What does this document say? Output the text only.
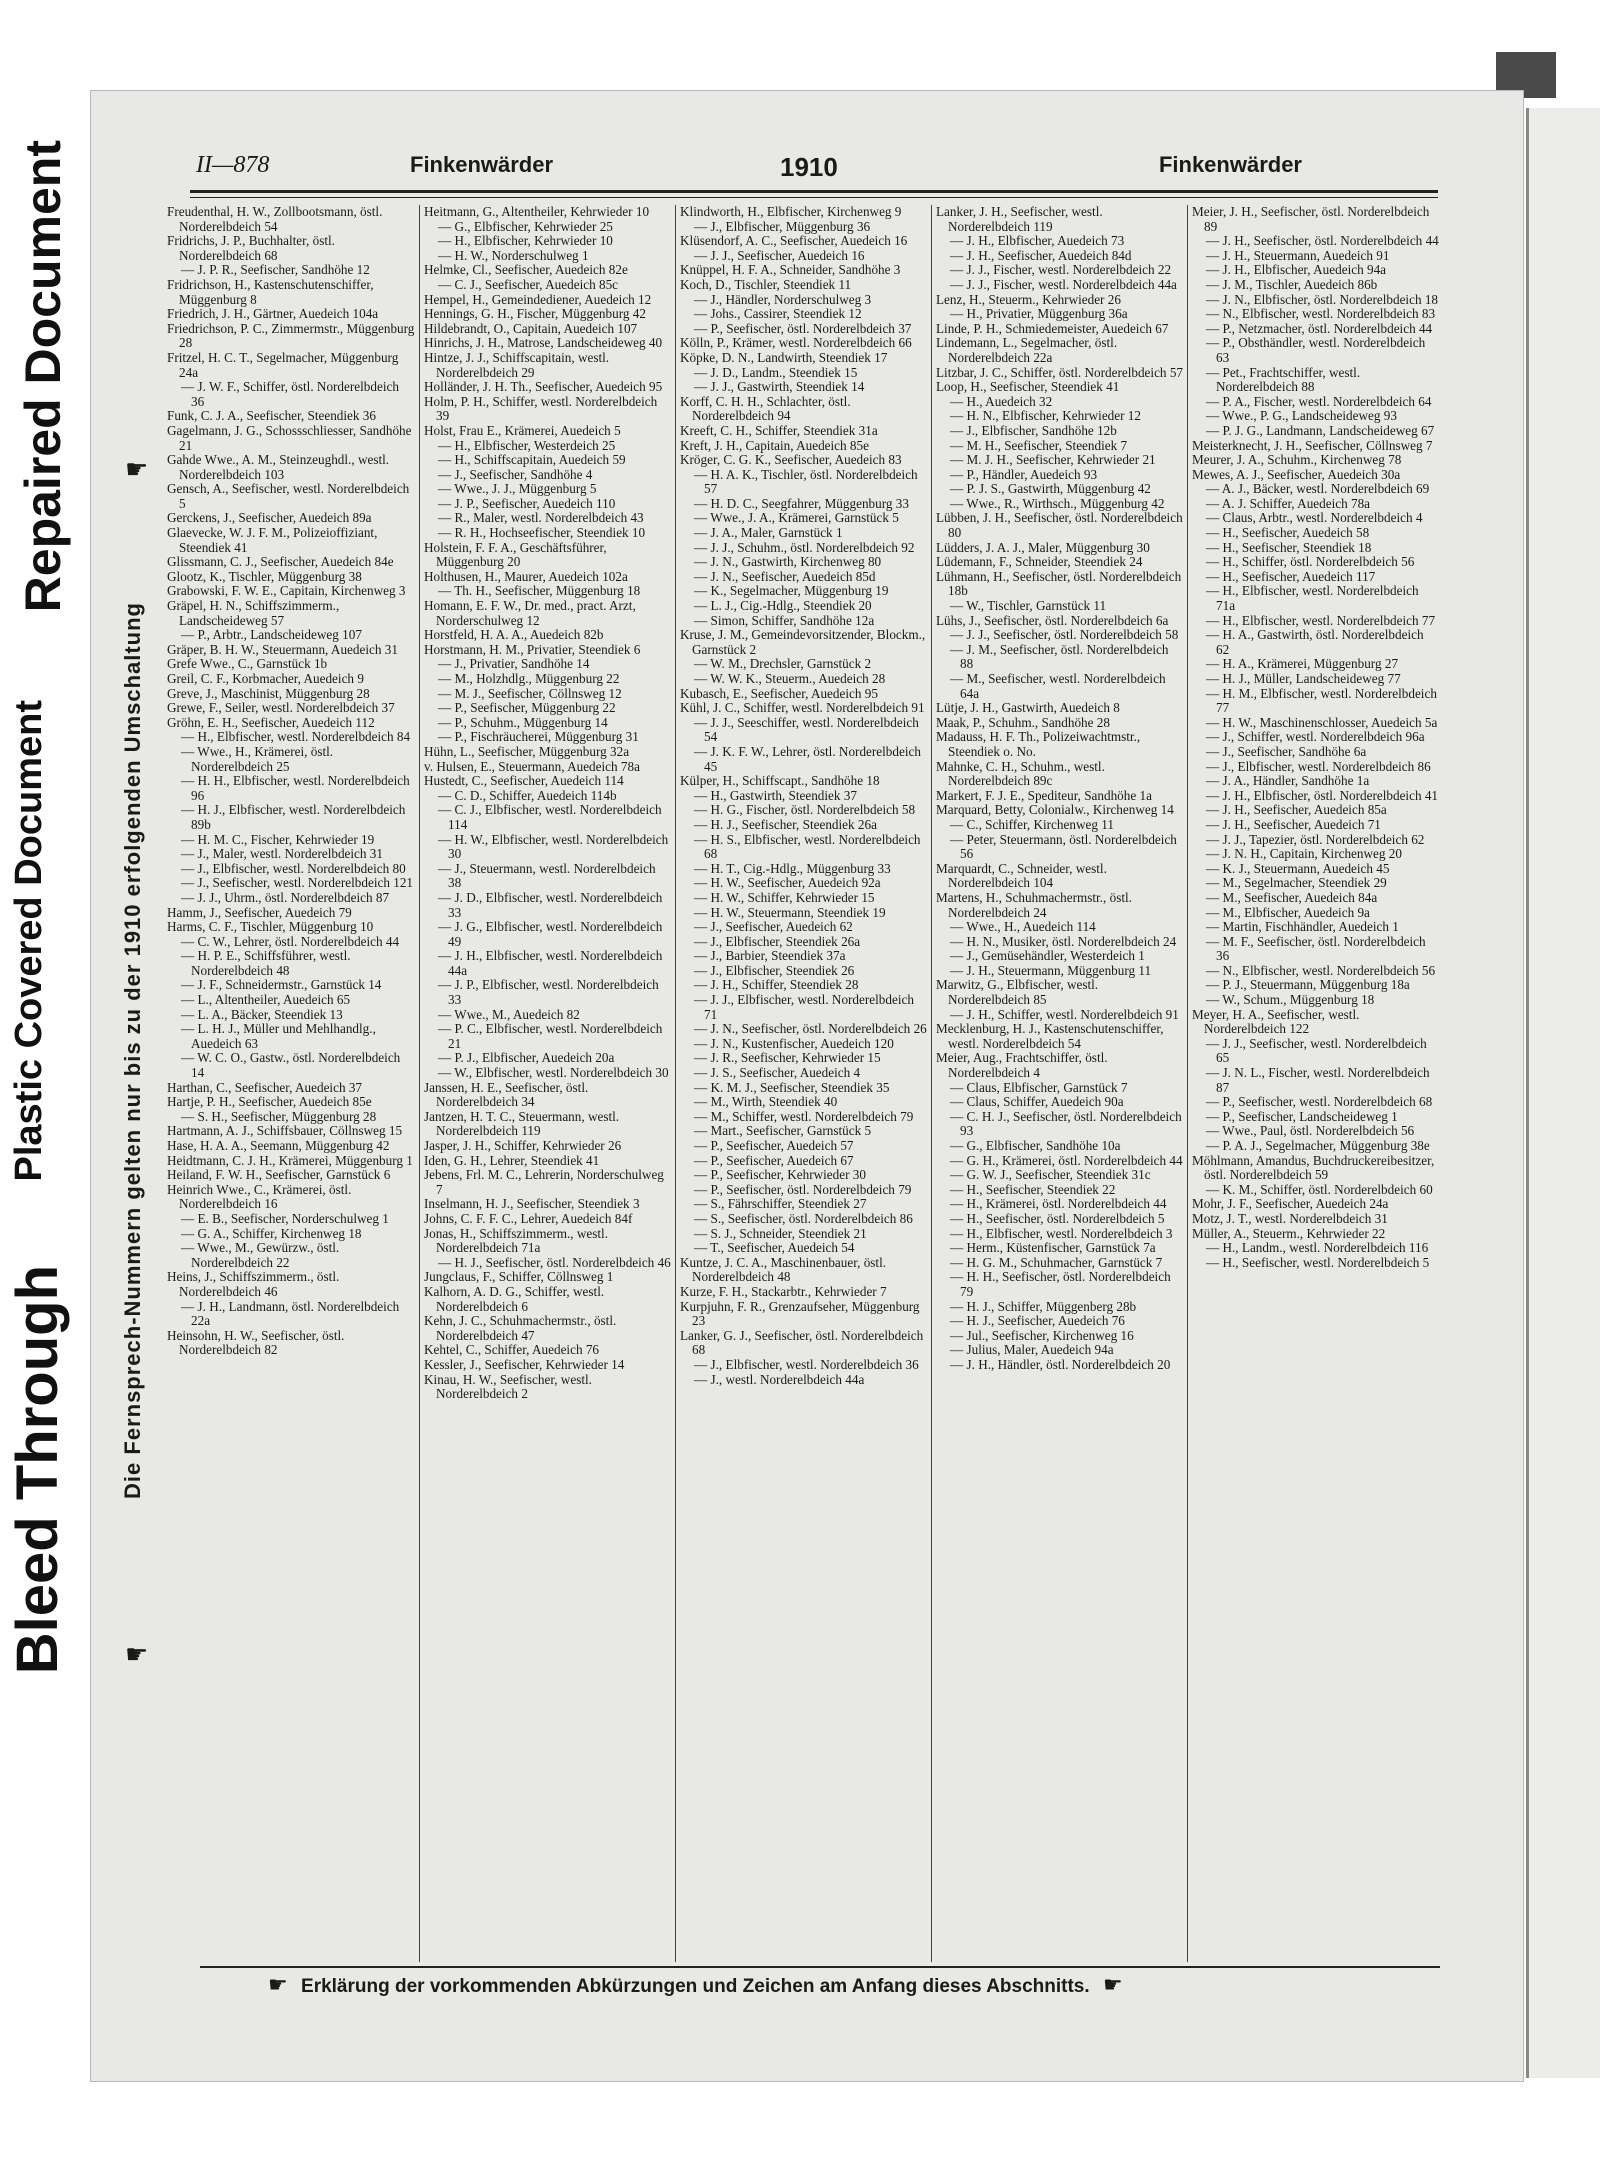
Repaired Document
Plastic Covered Document
Bleed Through
II—878	Finkenwärder	1910	Finkenwärder
☛
Die Fernsprech-Nummern gelten nur bis zu der 1910 erfolgenden Umschaltung
☛

Freudenthal, H. W., Zollbootsmann, östl. Norderelbdeich 54

Fridrichs, J. P., Buchhalter, östl. Norderelbdeich 68

— J. P. R., Seefischer, Sandhöhe 12

Fridrichson, H., Kastenschutenschiffer, Müggenburg 8

Friedrich, J. H., Gärtner, Auedeich 104a

Friedrichson, P. C., Zimmermstr., Müggenburg 28

Fritzel, H. C. T., Segelmacher, Müggenburg 24a

— J. W. F., Schiffer, östl. Norderelbdeich 36

Funk, C. J. A., Seefischer, Steendiek 36

Gagelmann, J. G., Schossschliesser, Sandhöhe 21

Gahde Wwe., A. M., Steinzeughdl., westl. Norderelbdeich 103

Gensch, A., Seefischer, westl. Norderelbdeich 5

Gerckens, J., Seefischer, Auedeich 89a

Glaevecke, W. J. F. M., Polizeioffiziant, Steendiek 41

Glissmann, C. J., Seefischer, Auedeich 84e

Glootz, K., Tischler, Müggenburg 38

Grabowski, F. W. E., Capitain, Kirchenweg 3

Gräpel, H. N., Schiffszimmerm., Landscheideweg 57

— P., Arbtr., Landscheideweg 107

Gräper, B. H. W., Steuermann, Auedeich 31

Grefe Wwe., C., Garnstück 1b

Greil, C. F., Korbmacher, Auedeich 9

Greve, J., Maschinist, Müggenburg 28

Grewe, F., Seiler, westl. Norderelbdeich 37

Gröhn, E. H., Seefischer, Auedeich 112

— H., Elbfischer, westl. Norderelbdeich 84

— Wwe., H., Krämerei, östl. Norderelbdeich 25

— H. H., Elbfischer, westl. Norderelbdeich 96

— H. J., Elbfischer, westl. Norderelbdeich 89b

— H. M. C., Fischer, Kehrwieder 19

— J., Maler, westl. Norderelbdeich 31

— J., Elbfischer, westl. Norderelbdeich 80

— J., Seefischer, westl. Norderelbdeich 121

— J. J., Uhrm., östl. Norderelbdeich 87

Hamm, J., Seefischer, Auedeich 79

Harms, C. F., Tischler, Müggenburg 10

— C. W., Lehrer, östl. Norderelbdeich 44

— H. P. E., Schiffsführer, westl. Norderelbdeich 48

— J. F., Schneidermstr., Garnstück 14

— L., Altentheiler, Auedeich 65

— L. A., Bäcker, Steendiek 13

— L. H. J., Müller und Mehlhandlg., Auedeich 63

— W. C. O., Gastw., östl. Norderelbdeich 14

Harthan, C., Seefischer, Auedeich 37

Hartje, P. H., Seefischer, Auedeich 85e

— S. H., Seefischer, Müggenburg 28

Hartmann, A. J., Schiffsbauer, Cöllnsweg 15

Hase, H. A. A., Seemann, Müggenburg 42

Heidtmann, C. J. H., Krämerei, Müggenburg 1

Heiland, F. W. H., Seefischer, Garnstück 6

Heinrich Wwe., C., Krämerei, östl. Norderelbdeich 16

— E. B., Seefischer, Norderschulweg 1

— G. A., Schiffer, Kirchenweg 18

— Wwe., M., Gewürzw., östl. Norderelbdeich 22

Heins, J., Schiffszimmerm., östl. Norderelbdeich 46

— J. H., Landmann, östl. Norderelbdeich 22a

Heinsohn, H. W., Seefischer, östl. Norderelbdeich 82

Heitmann, G., Altentheiler, Kehrwieder 10

— G., Elbfischer, Kehrwieder 25

— H., Elbfischer, Kehrwieder 10

— H. W., Norderschulweg 1

Helmke, Cl., Seefischer, Auedeich 82e

— C. J., Seefischer, Auedeich 85c

Hempel, H., Gemeindediener, Auedeich 12

Hennings, G. H., Fischer, Müggenburg 42

Hildebrandt, O., Capitain, Auedeich 107

Hinrichs, J. H., Matrose, Landscheideweg 40

Hintze, J. J., Schiffscapitain, westl. Norderelbdeich 29

Holländer, J. H. Th., Seefischer, Auedeich 95

Holm, P. H., Schiffer, westl. Norderelbdeich 39

Holst, Frau E., Krämerei, Auedeich 5

— H., Elbfischer, Westerdeich 25

— H., Schiffscapitain, Auedeich 59

— J., Seefischer, Sandhöhe 4

— Wwe., J. J., Müggenburg 5

— J. P., Seefischer, Auedeich 110

— R., Maler, westl. Norderelbdeich 43

— R. H., Hochseefischer, Steendiek 10

Holstein, F. F. A., Geschäftsführer, Müggenburg 20

Holthusen, H., Maurer, Auedeich 102a

— Th. H., Seefischer, Müggenburg 18

Homann, E. F. W., Dr. med., pract. Arzt, Norderschulweg 12

Horstfeld, H. A. A., Auedeich 82b

Horstmann, H. M., Privatier, Steendiek 6

— J., Privatier, Sandhöhe 14

— M., Holzhdlg., Müggenburg 22

— M. J., Seefischer, Cöllnsweg 12

— P., Seefischer, Müggenburg 22

— P., Schuhm., Müggenburg 14

— P., Fischräucherei, Müggenburg 31

Hühn, L., Seefischer, Müggenburg 32a

v. Hulsen, E., Steuermann, Auedeich 78a

Hustedt, C., Seefischer, Auedeich 114

— C. D., Schiffer, Auedeich 114b

— C. J., Elbfischer, westl. Norderelbdeich 114

— H. W., Elbfischer, westl. Norderelbdeich 30

— J., Steuermann, westl. Norderelbdeich 38

— J. D., Elbfischer, westl. Norderelbdeich 33

— J. G., Elbfischer, westl. Norderelbdeich 49

— J. H., Elbfischer, westl. Norderelbdeich 44a

— J. P., Elbfischer, westl. Norderelbdeich 33

— Wwe., M., Auedeich 82

— P. C., Elbfischer, westl. Norderelbdeich 21

— P. J., Elbfischer, Auedeich 20a

— W., Elbfischer, westl. Norderelbdeich 30

Janssen, H. E., Seefischer, östl. Norderelbdeich 34

Jantzen, H. T. C., Steuermann, westl. Norderelbdeich 119

Jasper, J. H., Schiffer, Kehrwieder 26

Iden, G. H., Lehrer, Steendiek 41

Jebens, Frl. M. C., Lehrerin, Norderschulweg 7

Inselmann, H. J., Seefischer, Steendiek 3

Johns, C. F. F. C., Lehrer, Auedeich 84f

Jonas, H., Schiffszimmerm., westl. Norderelbdeich 71a

— H. J., Seefischer, östl. Norderelbdeich 46

Jungclaus, F., Schiffer, Cöllnsweg 1

Kalhorn, A. D. G., Schiffer, westl. Norderelbdeich 6

Kehn, J. C., Schuhmachermstr., östl. Norderelbdeich 47

Kehtel, C., Schiffer, Auedeich 76

Kessler, J., Seefischer, Kehrwieder 14

Kinau, H. W., Seefischer, westl. Norderelbdeich 2

Klindworth, H., Elbfischer, Kirchenweg 9

— J., Elbfischer, Müggenburg 36

Klüsendorf, A. C., Seefischer, Auedeich 16

— J. J., Seefischer, Auedeich 16

Knüppel, H. F. A., Schneider, Sandhöhe 3

Koch, D., Tischler, Steendiek 11

— J., Händler, Norderschulweg 3

— Johs., Cassirer, Steendiek 12

— P., Seefischer, östl. Norderelbdeich 37

Kölln, P., Krämer, westl. Norderelbdeich 66

Köpke, D. N., Landwirth, Steendiek 17

— J. D., Landm., Steendiek 15

— J. J., Gastwirth, Steendiek 14

Korff, C. H. H., Schlachter, östl. Norderelbdeich 94

Kreeft, C. H., Schiffer, Steendiek 31a

Kreft, J. H., Capitain, Auedeich 85e

Kröger, C. G. K., Seefischer, Auedeich 83

— H. A. K., Tischler, östl. Norderelbdeich 57

— H. D. C., Seegfahrer, Müggenburg 33

— Wwe., J. A., Krämerei, Garnstück 5

— J. A., Maler, Garnstück 1

— J. J., Schuhm., östl. Norderelbdeich 92

— J. N., Gastwirth, Kirchenweg 80

— J. N., Seefischer, Auedeich 85d

— K., Segelmacher, Müggenburg 19

— L. J., Cig.-Hdlg., Steendiek 20

— Simon, Schiffer, Sandhöhe 12a

Kruse, J. M., Gemeindevorsitzender, Blockm., Garnstück 2

— W. M., Drechsler, Garnstück 2

— W. W. K., Steuerm., Auedeich 28

Kubasch, E., Seefischer, Auedeich 95

Kühl, J. C., Schiffer, westl. Norderelbdeich 91

— J. J., Seeschiffer, westl. Norderelbdeich 54

— J. K. F. W., Lehrer, östl. Norderelbdeich 45

Külper, H., Schiffscapt., Sandhöhe 18

— H., Gastwirth, Steendiek 37

— H. G., Fischer, östl. Norderelbdeich 58

— H. J., Seefischer, Steendiek 26a

— H. S., Elbfischer, westl. Norderelbdeich 68

— H. T., Cig.-Hdlg., Müggenburg 33

— H. W., Seefischer, Auedeich 92a

— H. W., Schiffer, Kehrwieder 15

— H. W., Steuermann, Steendiek 19

— J., Seefischer, Auedeich 62

— J., Elbfischer, Steendiek 26a

— J., Barbier, Steendiek 37a

— J., Elbfischer, Steendiek 26

— J. H., Schiffer, Steendiek 28

— J. J., Elbfischer, westl. Norderelbdeich 71

— J. N., Seefischer, östl. Norderelbdeich 26

— J. N., Kustenfischer, Auedeich 120

— J. R., Seefischer, Kehrwieder 15

— J. S., Seefischer, Auedeich 4

— K. M. J., Seefischer, Steendiek 35

— M., Wirth, Steendiek 40

— M., Schiffer, westl. Norderelbdeich 79

— Mart., Seefischer, Garnstück 5

— P., Seefischer, Auedeich 57

— P., Seefischer, Auedeich 67

— P., Seefischer, Kehrwieder 30

— P., Seefischer, östl. Norderelbdeich 79

— S., Fährschiffer, Steendiek 27

— S., Seefischer, östl. Norderelbdeich 86

— S. J., Schneider, Steendiek 21

— T., Seefischer, Auedeich 54

Kuntze, J. C. A., Maschinenbauer, östl. Norderelbdeich 48

Kurze, F. H., Stackarbtr., Kehrwieder 7

Kurpjuhn, F. R., Grenzaufseher, Müggenburg 23

Lanker, G. J., Seefischer, östl. Norderelbdeich 68

— J., Elbfischer, westl. Norderelbdeich 36

— J., westl. Norderelbdeich 44a

Lanker, J. H., Seefischer, westl. Norderelbdeich 119

— J. H., Elbfischer, Auedeich 73

— J. H., Seefischer, Auedeich 84d

— J. J., Fischer, westl. Norderelbdeich 22

— J. J., Fischer, westl. Norderelbdeich 44a

Lenz, H., Steuerm., Kehrwieder 26

— H., Privatier, Müggenburg 36a

Linde, P. H., Schmiedemeister, Auedeich 67

Lindemann, L., Segelmacher, östl. Norderelbdeich 22a

Litzbar, J. C., Schiffer, östl. Norderelbdeich 57

Loop, H., Seefischer, Steendiek 41

— H., Auedeich 32

— H. N., Elbfischer, Kehrwieder 12

— J., Elbfischer, Sandhöhe 12b

— M. H., Seefischer, Steendiek 7

— M. J. H., Seefischer, Kehrwieder 21

— P., Händler, Auedeich 93

— P. J. S., Gastwirth, Müggenburg 42

— Wwe., R., Wirthsch., Müggenburg 42

Lübben, J. H., Seefischer, östl. Norderelbdeich 80

Lüdders, J. A. J., Maler, Müggenburg 30

Lüdemann, F., Schneider, Steendiek 24

Lühmann, H., Seefischer, östl. Norderelbdeich 18b

— W., Tischler, Garnstück 11

Lühs, J., Seefischer, östl. Norderelbdeich 6a

— J. J., Seefischer, östl. Norderelbdeich 58

— J. M., Seefischer, östl. Norderelbdeich 88

— M., Seefischer, westl. Norderelbdeich 64a

Lütje, J. H., Gastwirth, Auedeich 8

Maak, P., Schuhm., Sandhöhe 28

Madauss, H. F. Th., Polizeiwachtmstr., Steendiek o. No.

Mahnke, C. H., Schuhm., westl. Norderelbdeich 89c

Markert, F. J. E., Spediteur, Sandhöhe 1a

Marquard, Betty, Colonialw., Kirchenweg 14

— C., Schiffer, Kirchenweg 11

— Peter, Steuermann, östl. Norderelbdeich 56

Marquardt, C., Schneider, westl. Norderelbdeich 104

Martens, H., Schuhmachermstr., östl. Norderelbdeich 24

— Wwe., H., Auedeich 114

— H. N., Musiker, östl. Norderelbdeich 24

— J., Gemüsehändler, Westerdeich 1

— J. H., Steuermann, Müggenburg 11

Marwitz, G., Elbfischer, westl. Norderelbdeich 85

— J. H., Schiffer, westl. Norderelbdeich 91

Mecklenburg, H. J., Kastenschutenschiffer, westl. Norderelbdeich 54

Meier, Aug., Frachtschiffer, östl. Norderelbdeich 4

— Claus, Elbfischer, Garnstück 7

— Claus, Schiffer, Auedeich 90a

— C. H. J., Seefischer, östl. Norderelbdeich 93

— G., Elbfischer, Sandhöhe 10a

— G. H., Krämerei, östl. Norderelbdeich 44

— G. W. J., Seefischer, Steendiek 31c

— H., Seefischer, Steendiek 22

— H., Krämerei, östl. Norderelbdeich 44

— H., Seefischer, östl. Norderelbdeich 5

— H., Elbfischer, westl. Norderelbdeich 3

— Herm., Küstenfischer, Garnstück 7a

— H. G. M., Schuhmacher, Garnstück 7

— H. H., Seefischer, östl. Norderelbdeich 79

— H. J., Schiffer, Müggenberg 28b

— H. J., Seefischer, Auedeich 76

— Jul., Seefischer, Kirchenweg 16

— Julius, Maler, Auedeich 94a

— J. H., Händler, östl. Norderelbdeich 20

Meier, J. H., Seefischer, östl. Norderelbdeich 89

— J. H., Seefischer, östl. Norderelbdeich 44

— J. H., Steuermann, Auedeich 91

— J. H., Elbfischer, Auedeich 94a

— J. M., Tischler, Auedeich 86b

— J. N., Elbfischer, östl. Norderelbdeich 18

— N., Elbfischer, westl. Norderelbdeich 83

— P., Netzmacher, östl. Norderelbdeich 44

— P., Obsthändler, westl. Norderelbdeich 63

— Pet., Frachtschiffer, westl. Norderelbdeich 88

— P. A., Fischer, westl. Norderelbdeich 64

— Wwe., P. G., Landscheideweg 93

— P. J. G., Landmann, Landscheideweg 67

Meisterknecht, J. H., Seefischer, Cöllnsweg 7

Meurer, J. A., Schuhm., Kirchenweg 78

Mewes, A. J., Seefischer, Auedeich 30a

— A. J., Bäcker, westl. Norderelbdeich 69

— A. J. Schiffer, Auedeich 78a

— Claus, Arbtr., westl. Norderelbdeich 4

— H., Seefischer, Auedeich 58

— H., Seefischer, Steendiek 18

— H., Schiffer, östl. Norderelbdeich 56

— H., Seefischer, Auedeich 117

— H., Elbfischer, westl. Norderelbdeich 71a

— H., Elbfischer, westl. Norderelbdeich 77

— H. A., Gastwirth, östl. Norderelbdeich 62

— H. A., Krämerei, Müggenburg 27

— H. J., Müller, Landscheideweg 77

— H. M., Elbfischer, westl. Norderelbdeich 77

— H. W., Maschinenschlosser, Auedeich 5a

— J., Schiffer, westl. Norderelbdeich 96a

— J., Seefischer, Sandhöhe 6a

— J., Elbfischer, westl. Norderelbdeich 86

— J. A., Händler, Sandhöhe 1a

— J. H., Elbfischer, östl. Norderelbdeich 41

— J. H., Seefischer, Auedeich 85a

— J. H., Seefischer, Auedeich 71

— J. J., Tapezier, östl. Norderelbdeich 62

— J. N. H., Capitain, Kirchenweg 20

— K. J., Steuermann, Auedeich 45

— M., Segelmacher, Steendiek 29

— M., Seefischer, Auedeich 84a

— M., Elbfischer, Auedeich 9a

— Martin, Fischhändler, Auedeich 1

— M. F., Seefischer, östl. Norderelbdeich 36

— N., Elbfischer, westl. Norderelbdeich 56

— P. J., Steuermann, Müggenburg 18a

— W., Schum., Müggenburg 18

Meyer, H. A., Seefischer, westl. Norderelbdeich 122

— J. J., Seefischer, westl. Norderelbdeich 65

— J. N. L., Fischer, westl. Norderelbdeich 87

— P., Seefischer, westl. Norderelbdeich 68

— P., Seefischer, Landscheideweg 1

— Wwe., Paul, östl. Norderelbdeich 56

— P. A. J., Segelmacher, Müggenburg 38e

Möhlmann, Amandus, Buchdruckereibesitzer, östl. Norderelbdeich 59

— K. M., Schiffer, östl. Norderelbdeich 60

Mohr, J. F., Seefischer, Auedeich 24a

Motz, J. T., westl. Norderelbdeich 31

Müller, A., Steuerm., Kehrwieder 22

— H., Landm., westl. Norderelbdeich 116

— H., Seefischer, westl. Norderelbdeich 5

☛ Erklärung der vorkommenden Abkürzungen und Zeichen am Anfang dieses Abschnitts. ☛
